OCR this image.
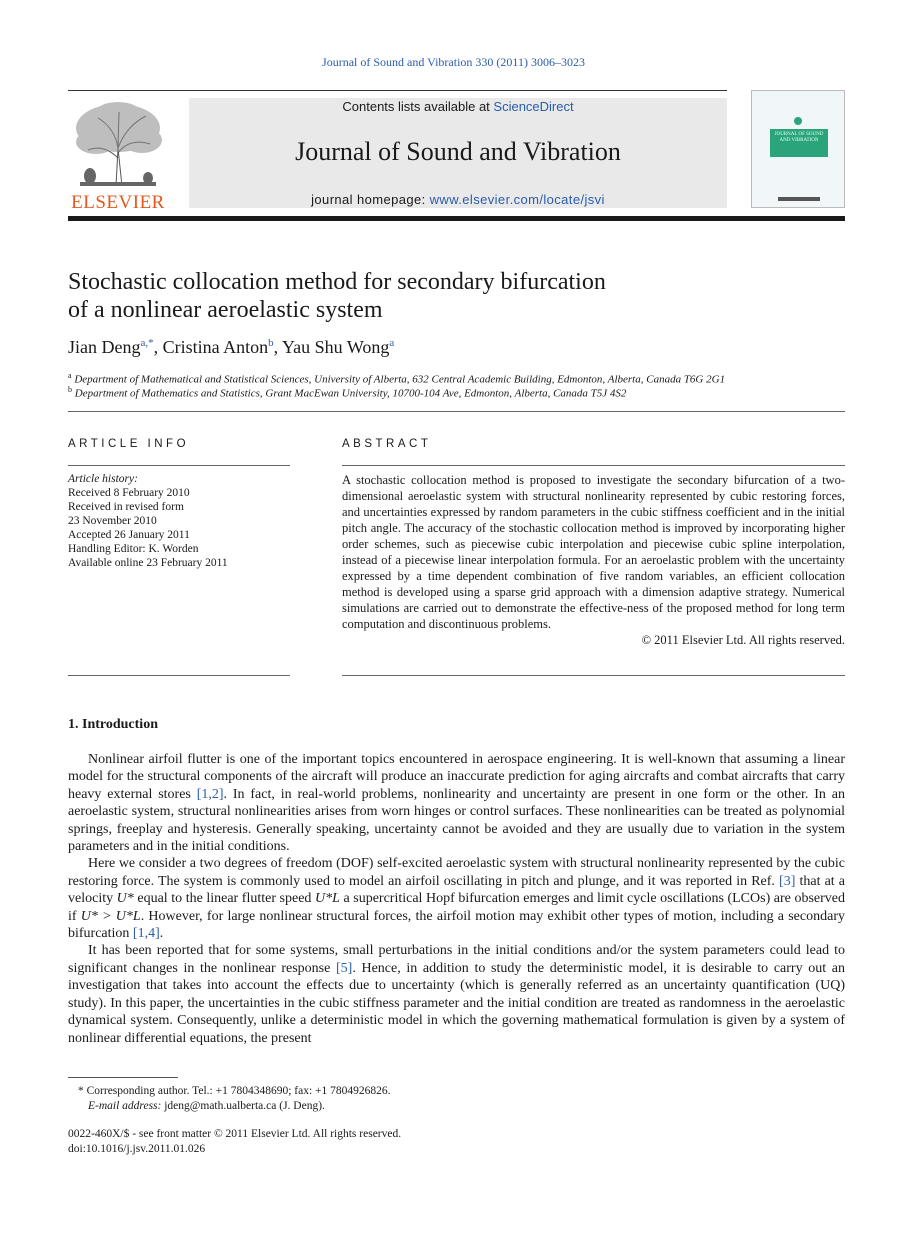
Journal of Sound and Vibration 330 (2011) 3006–3023
ELSEVIER
Contents lists available at ScienceDirect
Journal of Sound and Vibration
journal homepage: www.elsevier.com/locate/jsvi
JOURNAL OF SOUND AND VIBRATION
Stochastic collocation method for secondary bifurcation
of a nonlinear aeroelastic system
Jian Deng$^{a,*}$, Cristina Anton$^b$, Yau Shu Wong$^a$
$^a$ Department of Mathematical and Statistical Sciences, University of Alberta, 632 Central Academic Building, Edmonton, Alberta, Canada T6G 2G1
$^b$ Department of Mathematics and Statistics, Grant MacEwan University, 10700-104 Ave, Edmonton, Alberta, Canada T5J 4S2
ARTICLE INFO
Article history:
Received 8 February 2010
Received in revised form
23 November 2010
Accepted 26 January 2011
Handling Editor: K. Worden
Available online 23 February 2011
ABSTRACT
A stochastic collocation method is proposed to investigate the secondary bifurcation of a two-dimensional aeroelastic system with structural nonlinearity represented by cubic restoring forces, and uncertainties expressed by random parameters in the cubic stiffness coefficient and in the initial pitch angle. The accuracy of the stochastic collocation method is improved by incorporating higher order schemes, such as piecewise cubic interpolation and piecewise cubic spline interpolation, instead of a piecewise linear interpolation formula. For an aeroelastic problem with the uncertainty expressed by a time dependent combination of five random variables, an efficient collocation method is developed using a sparse grid approach with a dimension adaptive strategy. Numerical simulations are carried out to demonstrate the effective-ness of the proposed method for long term computation and discontinuous problems.
© 2011 Elsevier Ltd. All rights reserved.
1. Introduction

Nonlinear airfoil flutter is one of the important topics encountered in aerospace engineering. It is well-known that assuming a linear model for the structural components of the aircraft will produce an inaccurate prediction for aging aircrafts and combat aircrafts that carry heavy external stores [1,2]. In fact, in real-world problems, nonlinearity and uncertainty are present in one form or the other. In an aeroelastic system, structural nonlinearities arises from worn hinges or control surfaces. These nonlinearities can be treated as polynomial springs, freeplay and hysteresis. Generally speaking, uncertainty cannot be avoided and they are usually due to variation in the system parameters and in the initial conditions.

Here we consider a two degrees of freedom (DOF) self-excited aeroelastic system with structural nonlinearity represented by the cubic restoring force. The system is commonly used to model an airfoil oscillating in pitch and plunge, and it was reported in Ref. [3] that at a velocity U* equal to the linear flutter speed U*L a supercritical Hopf bifurcation emerges and limit cycle oscillations (LCOs) are observed if U* > U*L. However, for large nonlinear structural forces, the airfoil motion may exhibit other types of motion, including a secondary bifurcation [1,4].

It has been reported that for some systems, small perturbations in the initial conditions and/or the system parameters could lead to significant changes in the nonlinear response [5]. Hence, in addition to study the deterministic model, it is desirable to carry out an investigation that takes into account the effects due to uncertainty (which is generally referred as an uncertainty quantification (UQ) study). In this paper, the uncertainties in the cubic stiffness parameter and the initial condition are treated as randomness in the aeroelastic dynamical system. Consequently, unlike a deterministic model in which the governing mathematical formulation is given by a system of nonlinear differential equations, the present

* Corresponding author. Tel.: +1 7804348690; fax: +1 7804926826.
E-mail address: jdeng@math.ualberta.ca (J. Deng).
0022-460X/$ - see front matter © 2011 Elsevier Ltd. All rights reserved.
doi:10.1016/j.jsv.2011.01.026
